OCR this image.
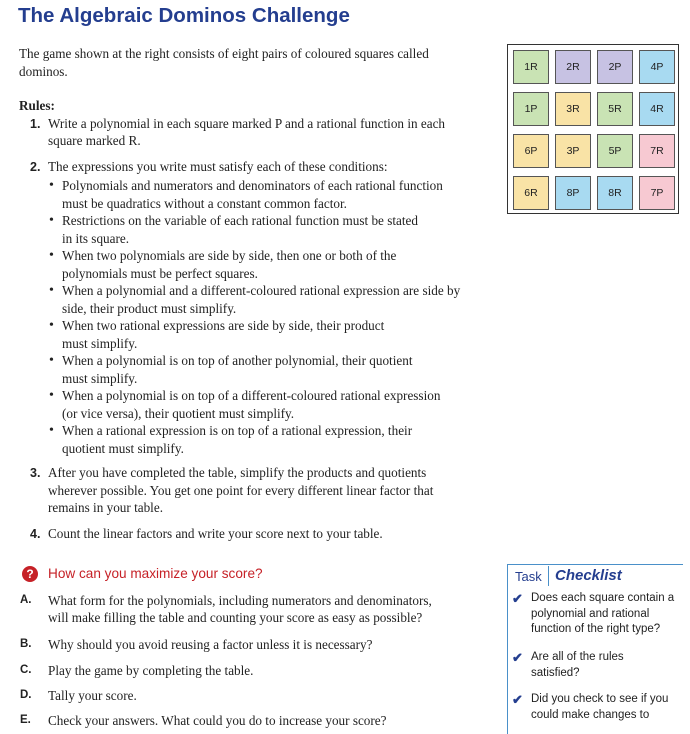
The Algebraic Dominos Challenge
The game shown at the right consists of eight pairs of coloured squares called dominos.
Rules:
1. Write a polynomial in each square marked P and a rational function in each
square marked R.
2. The expressions you write must satisfy each of these conditions:
• Polynomials and numerators and denominators of each rational function
must be quadratics without a constant common factor.
• Restrictions on the variable of each rational function must be stated
in its square.
• When two polynomials are side by side, then one or both of the
polynomials must be perfect squares.
• When a polynomial and a different-coloured rational expression are side by
side, their product must simplify.
• When two rational expressions are side by side, their product
must simplify.
• When a polynomial is on top of another polynomial, their quotient
must simplify.
• When a polynomial is on top of a different-coloured rational expression
(or vice versa), their quotient must simplify.
• When a rational expression is on top of a rational expression, their
quotient must simplify.
3. After you have completed the table, simplify the products and quotients
wherever possible. You get one point for every different linear factor that
remains in your table.
4. Count the linear factors and write your score next to your table.
1R	2R	2P	4P
1P	3R	5R	4R
6P	3P	5P	7R
6R	8P	8R	7P
?	How can you maximize your score?
A. What form for the polynomials, including numerators and denominators,
will make filling the table and counting your score as easy as possible?
B. Why should you avoid reusing a factor unless it is necessary?
C. Play the game by completing the table.
D. Tally your score.
E. Check your answers. What could you do to increase your score?
Task Checklist
✔ Does each square contain a
polynomial and rational
function of the right type?
✔ Are all of the rules
satisfied?
✔ Did you check to see if you
could make changes to
